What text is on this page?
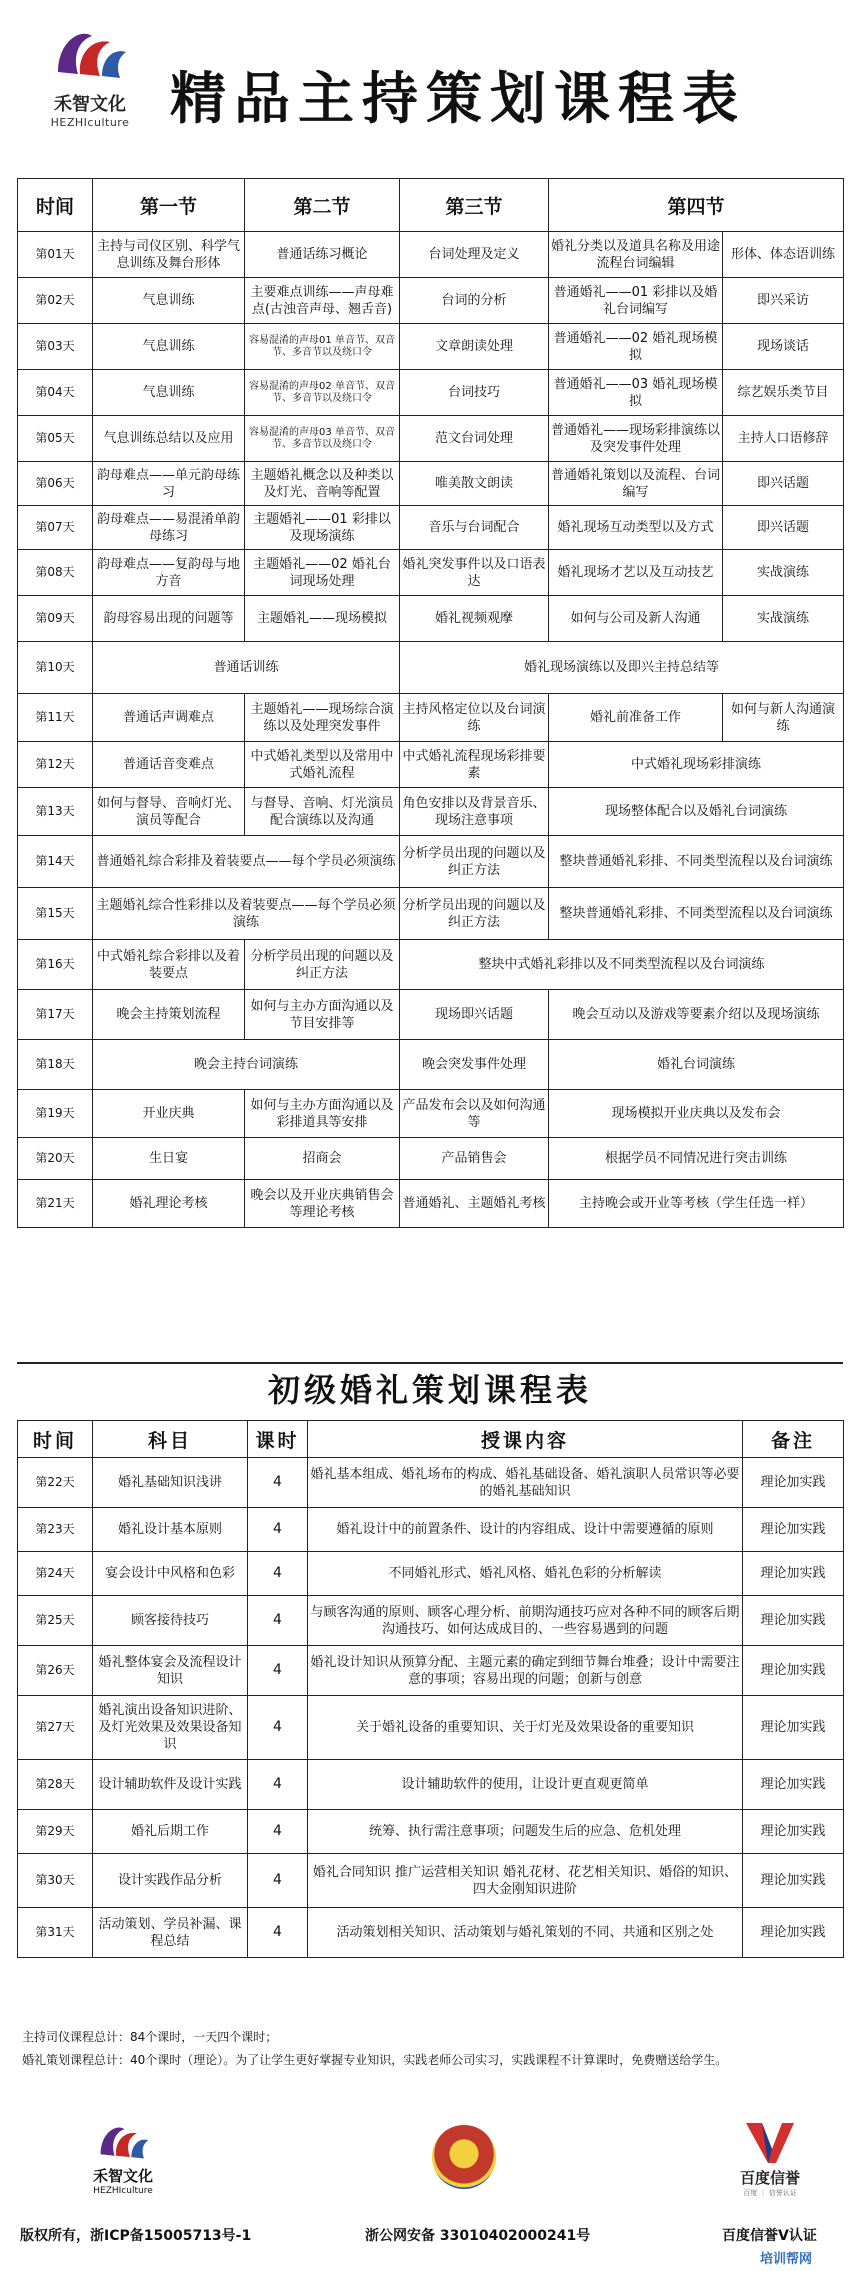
禾智文化
HEZHIculture 精品主持策划课程表
时间	第一节	第二节	第三节	第四节	
第01天	主持与司仪区别、科学气息训练及舞台形体	普通话练习概论	台词处理及定义	婚礼分类以及道具名称及用途 流程台词编辑	形体、体态语训练
第02天	气息训练	主要难点训练——声母难点(古浊音声母、翘舌音)	台词的分析	普通婚礼——01 彩排以及婚礼台词编写	即兴采访
第03天	气息训练	容易混淆的声母01 单音节、双音节、多音节以及绕口令	文章朗读处理	普通婚礼——02 婚礼现场模拟	现场谈话
第04天	气息训练	容易混淆的声母02 单音节、双音节、多音节以及绕口令	台词技巧	普通婚礼——03 婚礼现场模拟	综艺娱乐类节目
第05天	气息训练总结以及应用	容易混淆的声母03 单音节、双音节、多音节以及绕口令	范文台词处理	普通婚礼——现场彩排演练以及突发事件处理	主持人口语修辞
第06天	韵母难点——单元韵母练习	主题婚礼概念以及种类以及灯光、音响等配置	唯美散文朗读	普通婚礼策划以及流程、台词编写	即兴话题
第07天	韵母难点——易混淆单韵母练习	主题婚礼——01 彩排以及现场演练	音乐与台词配合	婚礼现场互动类型以及方式	即兴话题
第08天	韵母难点——复韵母与地方音	主题婚礼——02 婚礼台词现场处理	婚礼突发事件以及口语表达	婚礼现场才艺以及互动技艺	实战演练
第09天	韵母容易出现的问题等	主题婚礼——现场模拟	婚礼视频观摩	如何与公司及新人沟通	实战演练
第10天	普通话训练		婚礼现场演练以及即兴主持总结等		
第11天	普通话声调难点	主题婚礼——现场综合演练以及处理突发事件	主持风格定位以及台词演练	婚礼前准备工作	如何与新人沟通演练
第12天	普通话音变难点	中式婚礼类型以及常用中式婚礼流程	中式婚礼流程现场彩排要素	中式婚礼现场彩排演练	
第13天	如何与督导、音响灯光、演员等配合	与督导、音响、灯光演员配合演练以及沟通	角色安排以及背景音乐、现场注意事项	现场整体配合以及婚礼台词演练	
第14天	普通婚礼综合彩排及着装要点——每个学员必须演练		分析学员出现的问题以及纠正方法	整块普通婚礼彩排、不同类型流程以及台词演练	
第15天	主题婚礼综合性彩排以及着装要点——每个学员必须演练		分析学员出现的问题以及纠正方法	整块普通婚礼彩排、不同类型流程以及台词演练	
第16天	中式婚礼综合彩排以及着装要点	分析学员出现的问题以及纠正方法	整块中式婚礼彩排以及不同类型流程以及台词演练		
第17天	晚会主持策划流程	如何与主办方面沟通以及节目安排等	现场即兴话题	晚会互动以及游戏等要素介绍以及现场演练	
第18天	晚会主持台词演练		晚会突发事件处理	婚礼台词演练	
第19天	开业庆典	如何与主办方面沟通以及彩排道具等安排	产品发布会以及如何沟通等	现场模拟开业庆典以及发布会	
第20天	生日宴	招商会	产品销售会	根据学员不同情况进行突击训练	
第21天	婚礼理论考核	晚会以及开业庆典销售会等理论考核	普通婚礼、主题婚礼考核	主持晚会或开业等考核（学生任选一样）	
初级婚礼策划课程表
时间	科目	课时	授课内容	备注
第22天	婚礼基础知识浅讲	4	婚礼基本组成、婚礼场布的构成、婚礼基础设备、婚礼演职人员常识等必要的婚礼基础知识	理论加实践
第23天	婚礼设计基本原则	4	婚礼设计中的前置条件、设计的内容组成、设计中需要遵循的原则	理论加实践
第24天	宴会设计中风格和色彩	4	不同婚礼形式、婚礼风格、婚礼色彩的分析解读	理论加实践
第25天	顾客接待技巧	4	与顾客沟通的原则、顾客心理分析、前期沟通技巧应对各种不同的顾客后期沟通技巧、如何达成成目的、一些容易遇到的问题	理论加实践
第26天	婚礼整体宴会及流程设计知识	4	婚礼设计知识从预算分配、主题元素的确定到细节舞台堆叠；设计中需要注意的事项；容易出现的问题；创新与创意	理论加实践
第27天	婚礼演出设备知识进阶、及灯光效果及效果设备知识	4	关于婚礼设备的重要知识、关于灯光及效果设备的重要知识	理论加实践
第28天	设计辅助软件及设计实践	4	设计辅助软件的使用，让设计更直观更简单	理论加实践
第29天	婚礼后期工作	4	统筹、执行需注意事项；问题发生后的应急、危机处理	理论加实践
第30天	设计实践作品分析	4	婚礼合同知识 推广运营相关知识 婚礼花材、花艺相关知识、婚俗的知识、四大金刚知识进阶	理论加实践
第31天	活动策划、学员补漏、课程总结	4	活动策划相关知识、活动策划与婚礼策划的不同、共通和区别之处	理论加实践
主持司仪课程总计：84个课时，一天四个课时；
婚礼策划课程总计：40个课时（理论）。为了让学生更好掌握专业知识，实践老师公司实习，实践课程不计算课时，免费赠送给学生。
禾智文化
HEZHIculture
百度信誉
百度 ｜ 信誉认证
版权所有，浙ICP备15005713号-1	浙公网安备 33010402000241号	百度信誉V认证
培训帮网
